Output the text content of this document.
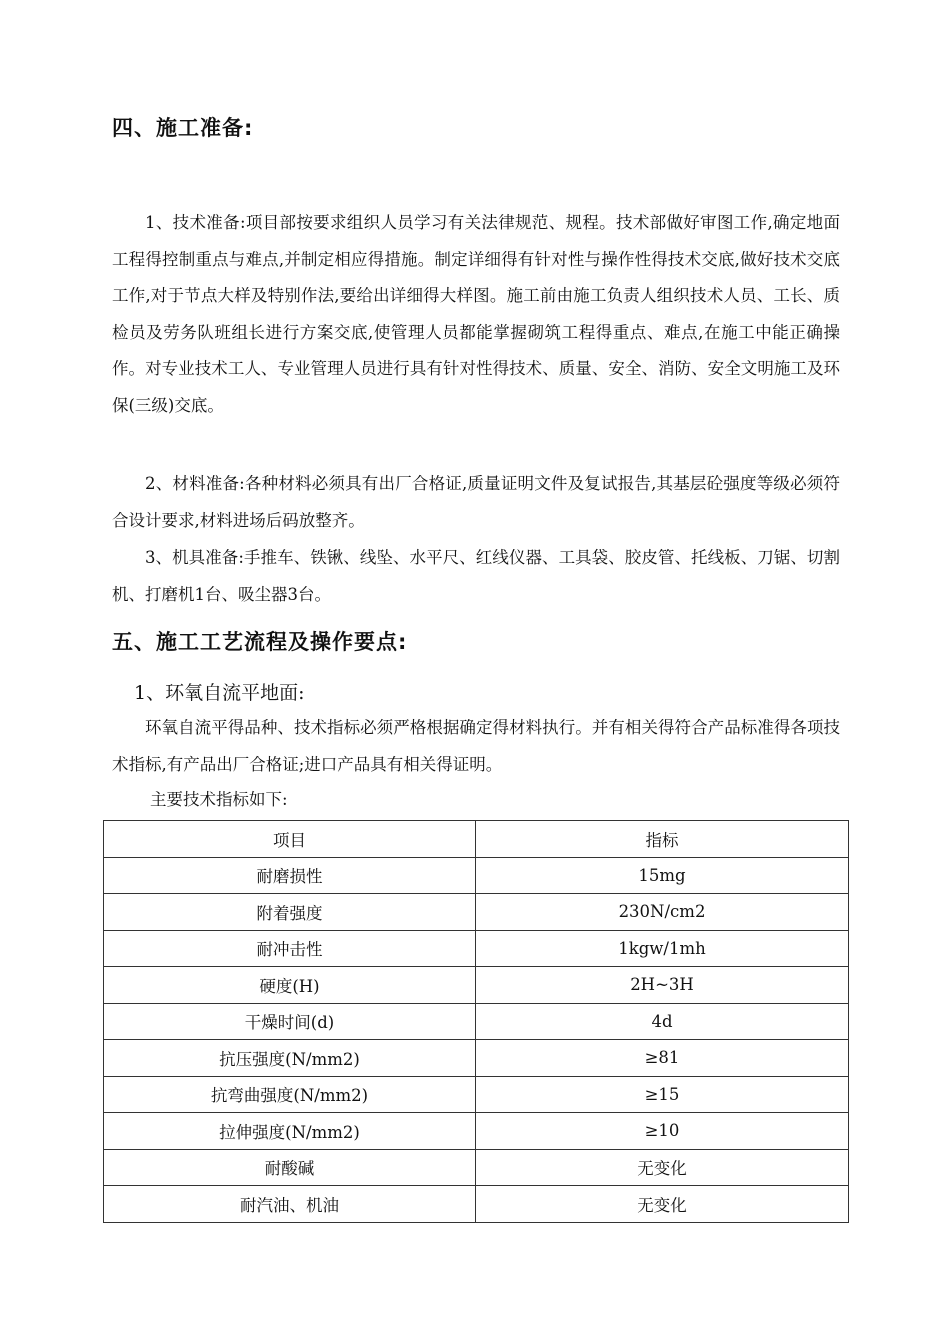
四、施工准备:

1、技术准备:项目部按要求组织人员学习有关法律规范、规程。技术部做好审图工作,确定地面工程得控制重点与难点,并制定相应得措施。制定详细得有针对性与操作性得技术交底,做好技术交底工作,对于节点大样及特别作法,要给出详细得大样图。施工前由施工负责人组织技术人员、工长、质检员及劳务队班组长进行方案交底,使管理人员都能掌握砌筑工程得重点、难点,在施工中能正确操作。对专业技术工人、专业管理人员进行具有针对性得技术、质量、安全、消防、安全文明施工及环保(三级)交底。

2、材料准备:各种材料必须具有出厂合格证,质量证明文件及复试报告,其基层砼强度等级必须符合设计要求,材料进场后码放整齐。

3、机具准备:手推车、铁锹、线坠、水平尺、红线仪器、工具袋、胶皮管、托线板、刀锯、切割机、打磨机1台、吸尘器3台。

五、施工工艺流程及操作要点:

1、环氧自流平地面:

环氧自流平得品种、技术指标必须严格根据确定得材料执行。并有相关得符合产品标准得各项技术指标,有产品出厂合格证;进口产品具有相关得证明。

主要技术指标如下:

项目	指标
耐磨损性	15mg
附着强度	230N/cm2
耐冲击性	1kgw/1mh
硬度(H)	2H~3H
干燥时间(d)	4d
抗压强度(N/mm2)	≥81
抗弯曲强度(N/mm2)	≥15
拉伸强度(N/mm2)	≥10
耐酸碱	无变化
耐汽油、机油	无变化
